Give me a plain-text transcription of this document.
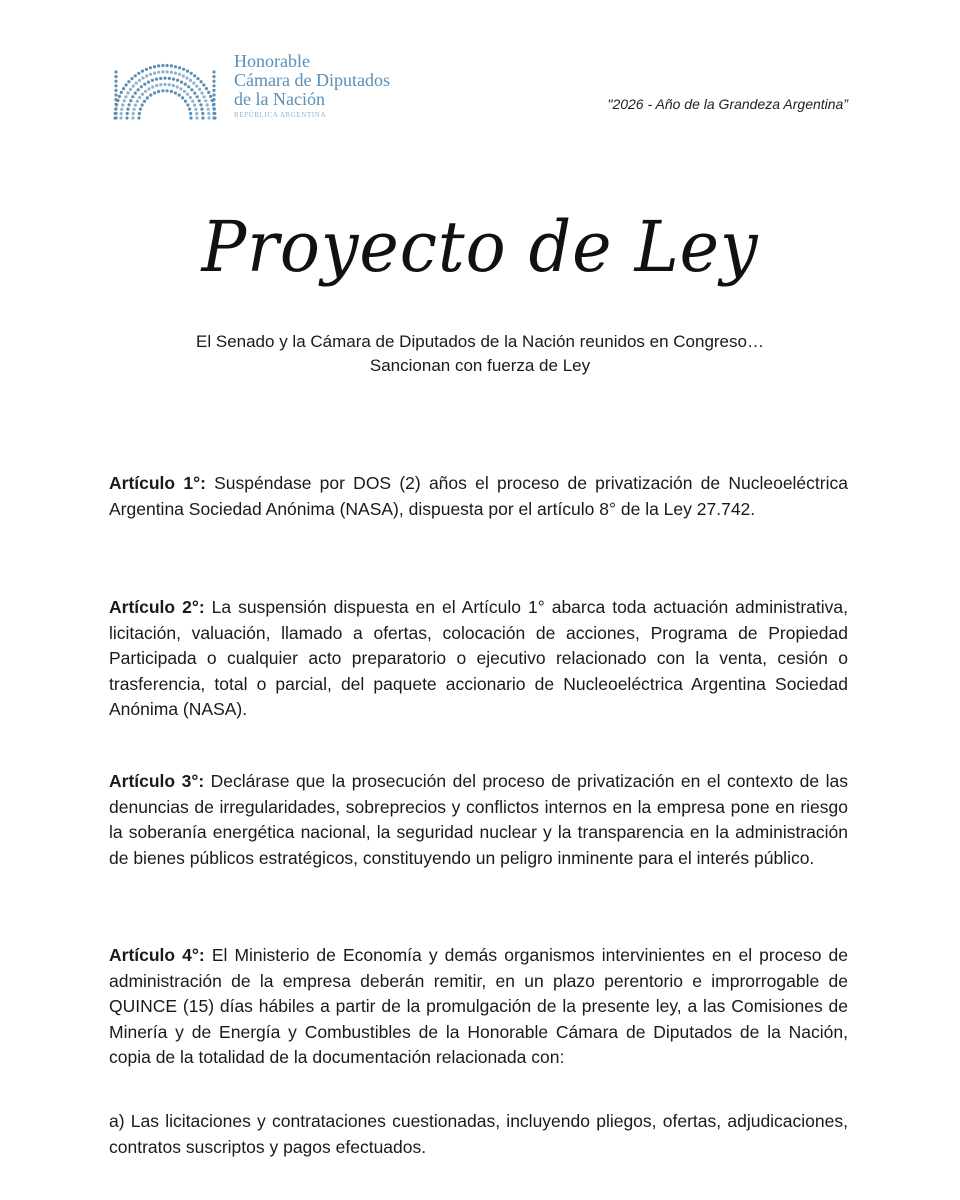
Honorable
Cámara de Diputados
de la Nación
REPÚBLICA ARGENTINA
"2026 - Año de la Grandeza Argentina”
Proyecto de Ley
El Senado y la Cámara de Diputados de la Nación reunidos en Congreso…
Sancionan con fuerza de Ley

Artículo 1°: Suspéndase por DOS (2) años el proceso de privatización de Nucleoeléctrica Argentina Sociedad Anónima (NASA), dispuesta por el artículo 8° de la Ley 27.742.

Artículo 2°: La suspensión dispuesta en el Artículo 1° abarca toda actuación administrativa, licitación, valuación, llamado a ofertas, colocación de acciones, Programa de Propiedad Participada o cualquier acto preparatorio o ejecutivo relacionado con la venta, cesión o trasferencia, total o parcial, del paquete accionario de Nucleoeléctrica Argentina Sociedad Anónima (NASA).

Artículo 3°: Declárase que la prosecución del proceso de privatización en el contexto de las denuncias de irregularidades, sobreprecios y conflictos internos en la empresa pone en riesgo la soberanía energética nacional, la seguridad nuclear y la transparencia en la administración de bienes públicos estratégicos, constituyendo un peligro inminente para el interés público.

Artículo 4°: El Ministerio de Economía y demás organismos intervinientes en el proceso de administración de la empresa deberán remitir, en un plazo perentorio e improrrogable de QUINCE (15) días hábiles a partir de la promulgación de la presente ley, a las Comisiones de Minería y de Energía y Combustibles de la Honorable Cámara de Diputados de la Nación, copia de la totalidad de la documentación relacionada con:

a) Las licitaciones y contrataciones cuestionadas, incluyendo pliegos, ofertas, adjudicaciones, contratos suscriptos y pagos efectuados.
